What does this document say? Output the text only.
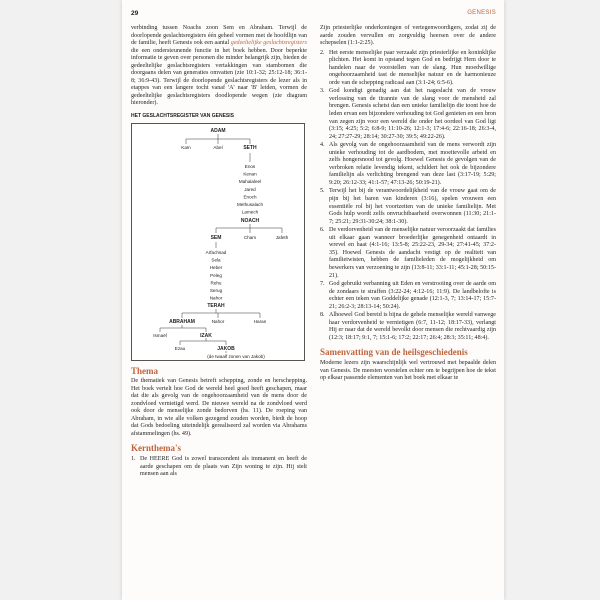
29	GENESIS

verbinding tussen Noachs zoon Sem en Abraham. Terwijl de doorlopende geslachtsregisters één geheel vormen met de hoofdlijn van de familie, heeft Genesis ook een aantal gedeeltelijke geslachtsregisters die een ondersteunende functie in het boek hebben. Door beperkte informatie te geven over personen die minder belangrijk zijn, bieden de gedeeltelijke geslachtsregisters vertakkingen van stambomen die doorgaans delen van generaties omvatten (zie 10:1-32; 25:12-18; 36:1-8; 36:9-43). Terwijl de doorlopende geslachtsregisters de lezer als in etappes van een langere tocht vanaf 'A' naar 'B' leiden, vormen de gedeeltelijke geslachtsregisters doodlopende wegen (zie diagram hieronder).

HET GESLACHTSREGISTER VAN GENESIS
ADAM
Kaïn	Abel	SETH
Enos
Kenan
Mahalaleel
Jared
Enoch
Methusalach
Lamech
NOACH
SEM	Cham	Jafeth
Arfachsad
Sela
Heber
Peleg
Rehu
Serug
Nahor
TERAH
ABRAHAM	Nahor	Haran
Ismaël	IZAK
Ezau	JAKOB
(de twaalf zonen van Jakob)
Thema

De thematiek van Genesis betreft schepping, zonde en herschepping. Het boek vertelt hoe God de wereld heel goed heeft geschapen, maar dat die als gevolg van de ongehoorzaamheid van de mens door de zondvloed vernietigd werd. De nieuwe wereld na de zondvloed werd ook door de menselijke zonde bedorven (hs. 11). De roeping van Abraham, in wie alle volken gezegend zouden worden, biedt de hoop dat Gods bedoeling uiteindelijk gerealiseerd zal worden via Abrahams afstammelingen (hs. 49).

Kernthema's
1. De HEERE God is zowel transcendent als immanent en heeft de aarde geschapen om de plaats van Zijn woning te zijn. Hij stelt mensen aan als

Zijn priesterlijke onderkoningen of vertegenwoordigers, zodat zij de aarde zouden vervullen en zorgvuldig heersen over de andere schepselen (1:1-2:25).

2. Het eerste menselijke paar verzaakt zijn priesterlijke en koninklijke plichten. Het komt in opstand tegen God en bedrijgt Hem door te handelen naar de voorstellen van de slang. Hun moedwillige ongehoorzaamheid tast de menselijke natuur en de harmonieuze orde van de schepping radicaal aan (3:1-24; 6:5-6).
3. God kondigt genadig aan dat het nageslacht van de vrouw verlossing van de tirannie van de slang voor de mensheid zal brengen. Genesis schetst dan een unieke familielijn die toont hoe de leden ervan een bijzondere verhouding tot God genieten en een bron van zegen zijn voor een wereld die onder het oordeel van God ligt (3:15; 4:25; 5:2; 6:8-9; 11:10-26; 12:1-3; 17:4-6; 22:16-18; 26:3-4, 24; 27:27-29; 28:14; 30:27-30; 39:5; 49:22-26).
4. Als gevolg van de ongehoorzaamheid van de mens verwordt zijn unieke verhouding tot de aardbodem, met moeitevolle arbeid en zelfs hongersnood tot gevolg. Hoewel Genesis de gevolgen van de verbroken relatie levendig tekent, schildert het ook de bijzondere familielijn als verlichting brengend van deze last (3:17-19; 5:29; 9:20; 26:12-33; 41:1-57; 47:13-26; 50:19-21).
5. Terwijl het bij de verantwoordelijkheid van de vrouw gaat om de pijn bij het baren van kinderen (3:16), spelen vrouwen een essentiële rol bij het voortzetten van de unieke familielijn. Met Gods hulp wordt zelfs onvruchtbaarheid overwonnen (11:30; 21:1-7; 25:21; 29:31-30:24; 38:1-30).
6. De verdorvenheid van de menselijke natuur veroorzaakt dat families uit elkaar gaan wanneer broederlijke genegenheid ontaardt in wrevel en haat (4:1-16; 13:5-8; 25:22-23, 29-34; 27:41-45; 37:2-35). Hoewel Genesis de aandacht vestigt op de realiteit van familietwisten, hebben de familieleden de mogelijkheid om bewerkers van verzoening te zijn (13:8-11; 33:1-11; 45:1-28; 50:15-21).
7. God gebruikt verbanning uit Eden en verstrooiing over de aarde om de zondaars te straffen (3:22-24; 4:12-16; 11:9). De landbelofte is echter een teken van Goddelijke genade (12:1-3, 7; 13:14-17; 15:7-21; 26:2-3; 28:13-14; 50:24).
8. Alhoewel God bereid is bijna de gehele menselijke wereld vanwege haar verdorvenheid te vernietigen (6:7, 11-12; 18:17-33), verlangt Hij er naar dat de wereld bevolkt door mensen die rechtvaardig zijn (12:3; 18:17; 9:1, 7; 15:1-6; 17:2; 22:17; 26:4; 28:3; 35:11; 48:4).
Samenvatting van de heilsgeschiedenis

Moderne lezers zijn waarschijnlijk wel vertrouwd met bepaalde delen van Genesis. De meesten worstelen echter om te begrijpen hoe de tekst op elkaar passende elementen van het boek met elkaar te
